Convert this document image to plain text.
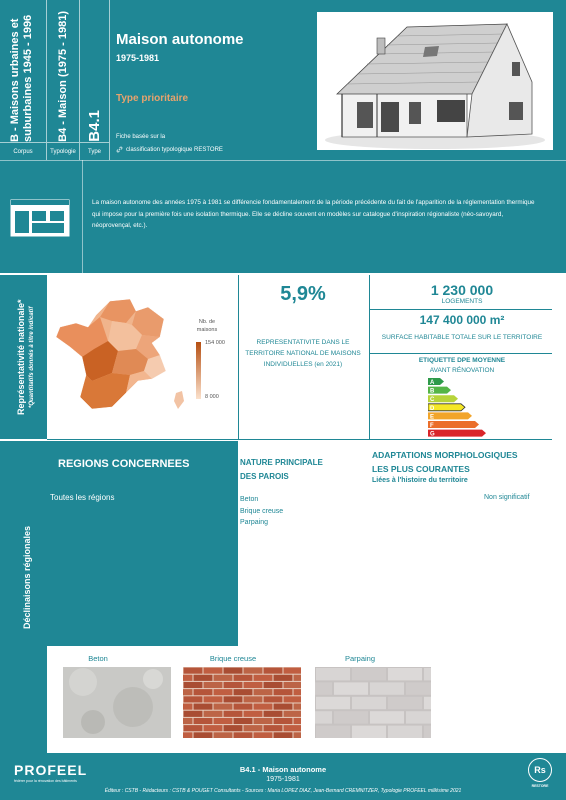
B - Maisons urbaines et suburbaines 1945 - 1996 B4 - Maison (1975 - 1981) B4.1
Corpus	Typologie	Type
Maison autonome
1975-1981
Type prioritaire
Fiche basée sur la
classification typologique RESTORE
La maison autonome des années 1975 à 1981 se différencie fondamentalement de la période précédente du fait de l'apparition de la réglementation thermique qui impose pour la première fois une isolation thermique. Elle se décline souvent en modèles sur catalogue d'inspiration régionaliste (néo-savoyard, néoprovençal, etc.).
Représentativité nationale* *Quantitatifs donnés à titre indicatif	Nb. de maisons
154 000
8 000
5,9%
REPRESENTATIVITE DANS LE TERRITOIRE NATIONAL DE MAISONS INDIVIDUELLES (en 2021)
1 230 000
LOGEMENTS
147 400 000 m²
SURFACE HABITABLE TOTALE SUR LE TERRITOIRE
ETIQUETTE DPE MOYENNE
AVANT RÉNOVATION
A
B
C
D
E
F
G
Déclinaisons régionales
REGIONS CONCERNEES
Toutes les régions
NATURE PRINCIPALE
DES PAROIS
Beton
Brique creuse
Parpaing
ADAPTATIONS MORPHOLOGIQUES
LES PLUS COURANTES
Liées à l'histoire du territoire
Non significatif
Beton	Brique creuse	Parpaing
PROFEEL
fédérer pour la rénovation des bâtiments
B4.1 - Maison autonome
1975-1981
Éditeur : CSTB - Rédacteurs : CSTB & POUGET Consultants - Sources : Maria LOPEZ DIAZ, Jean-Bernard CREMNITZER, Typologie PROFEEL millésime 2021
Rs
RESTORE
